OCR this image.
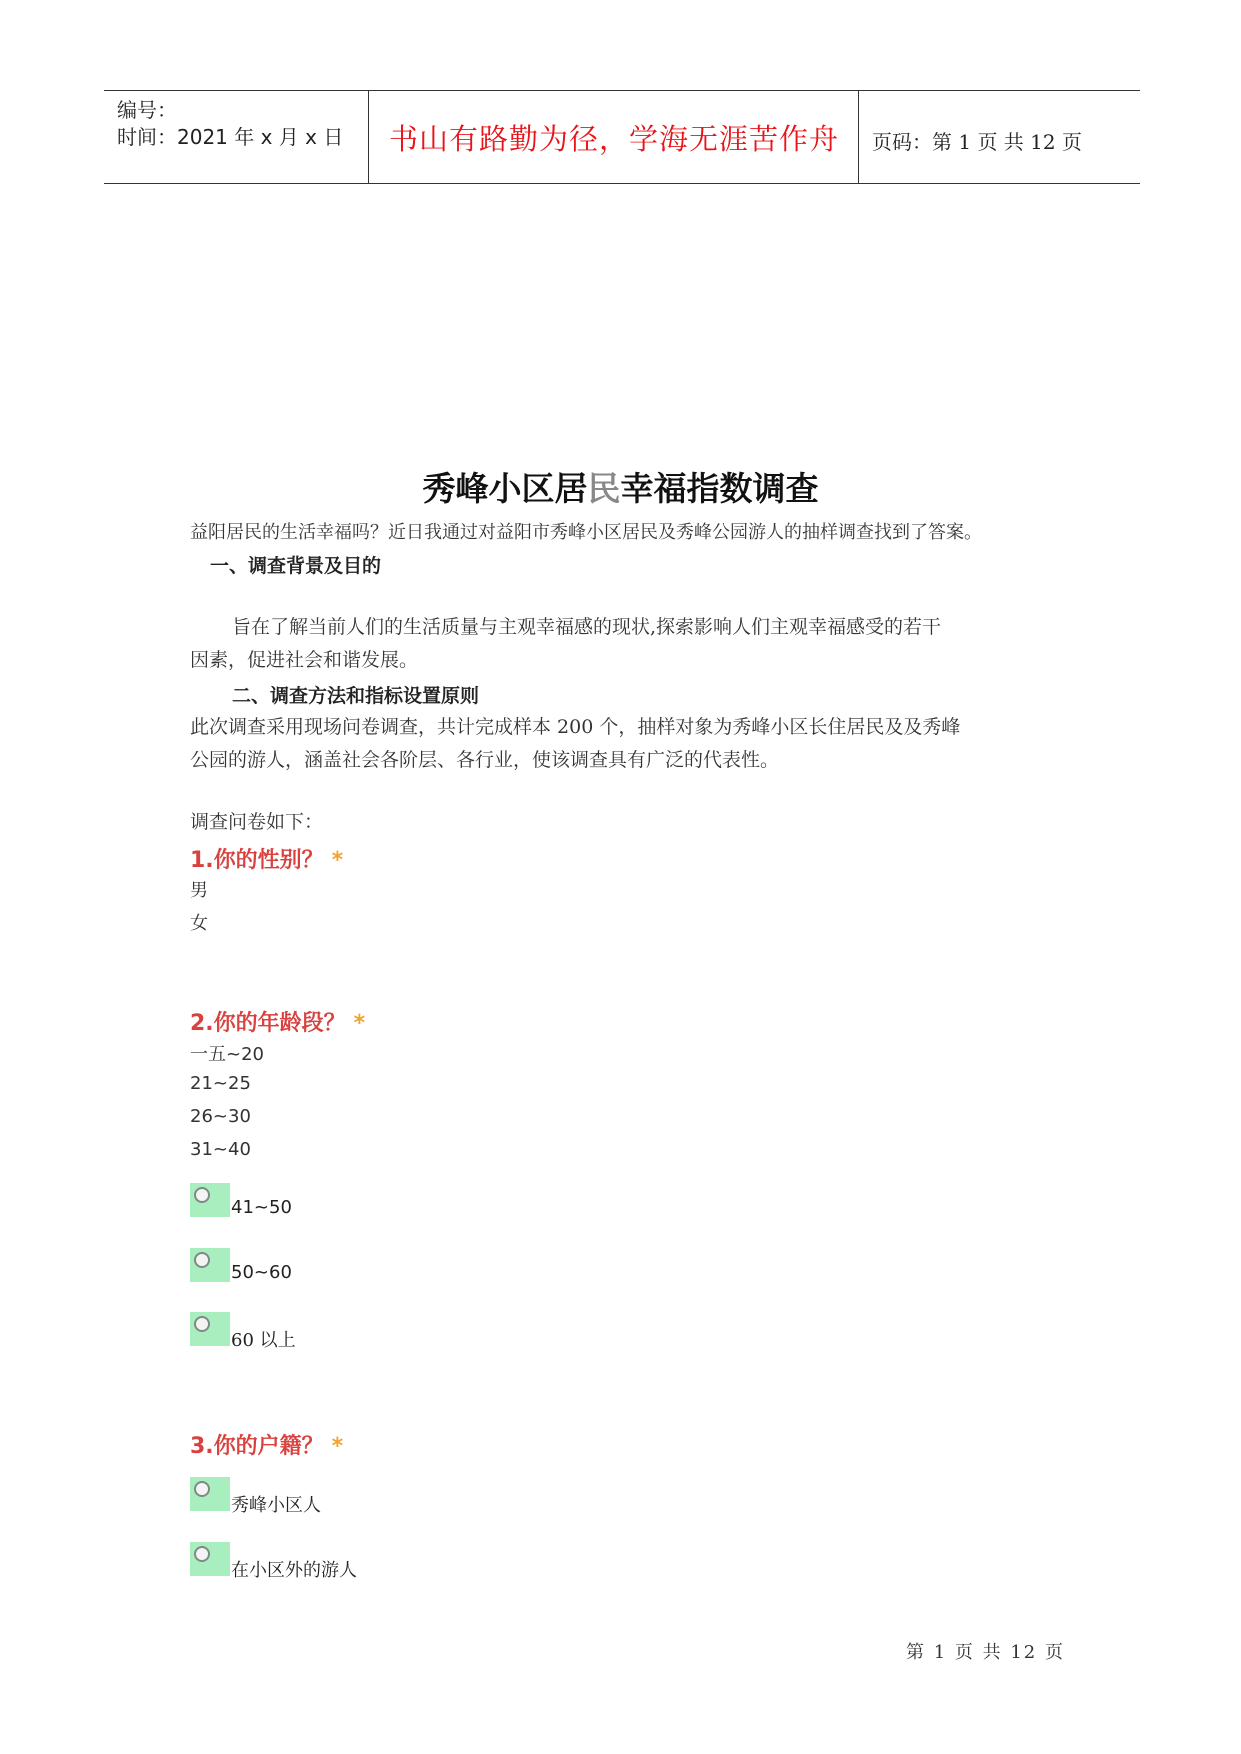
编号：
时间：2021 年 x 月 x 日	书山有路勤为径，学海无涯苦作舟	页码：第 1 页 共 12 页
秀峰小区居民幸福指数调查
益阳居民的生活幸福吗？近日我通过对益阳市秀峰小区居民及秀峰公园游人的抽样调查找到了答案。
一、调查背景及目的
旨在了解当前人们的生活质量与主观幸福感的现状,探索影响人们主观幸福感受的若干
因素，促进社会和谐发展。
二、调查方法和指标设置原则
此次调查采用现场问卷调查，共计完成样本 200 个，抽样对象为秀峰小区长住居民及及秀峰
公园的游人，涵盖社会各阶层、各行业，使该调查具有广泛的代表性。
调查问卷如下：
1.你的性别？ *
男
女
2.你的年龄段？ *
一五~20
21~25
26~30
31~40
41~50
50~60
60 以上
3.你的户籍？ *
秀峰小区人
在小区外的游人
第 1 页 共 12 页
